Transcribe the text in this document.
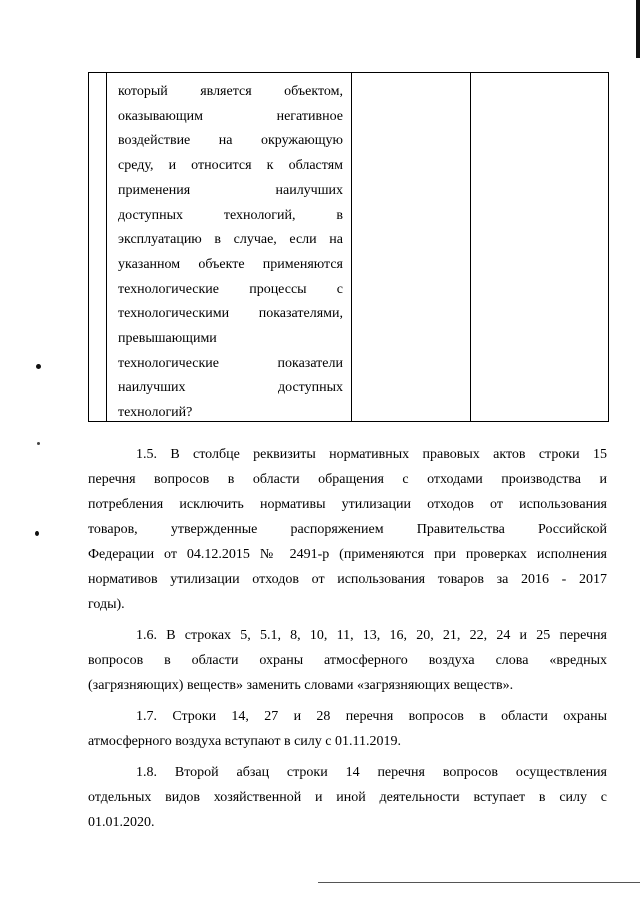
который является объектом,
оказывающим негативное
воздействие на окружающую
среду, и относится к областям
применения наилучших
доступных технологий, в
эксплуатацию в случае, если на
указанном объекте применяются
технологические процессы с
технологическими показателями,
превышающими
технологические показатели
наилучших доступных
технологий?
1.5. В столбце реквизиты нормативных правовых актов строки 15
перечня вопросов в области обращения с отходами производства и
потребления исключить нормативы утилизации отходов от использования
товаров, утвержденные распоряжением Правительства Российской
Федерации от 04.12.2015 № 2491-р (применяются при проверках исполнения
нормативов утилизации отходов от использования товаров за 2016 - 2017
годы).
1.6. В строках 5, 5.1, 8, 10, 11, 13, 16, 20, 21, 22, 24 и 25 перечня
вопросов в области охраны атмосферного воздуха слова «вредных
(загрязняющих) веществ» заменить словами «загрязняющих веществ».
1.7. Строки 14, 27 и 28 перечня вопросов в области охраны
атмосферного воздуха вступают в силу с 01.11.2019.
1.8. Второй абзац строки 14 перечня вопросов осуществления
отдельных видов хозяйственной и иной деятельности вступает в силу с
01.01.2020.
